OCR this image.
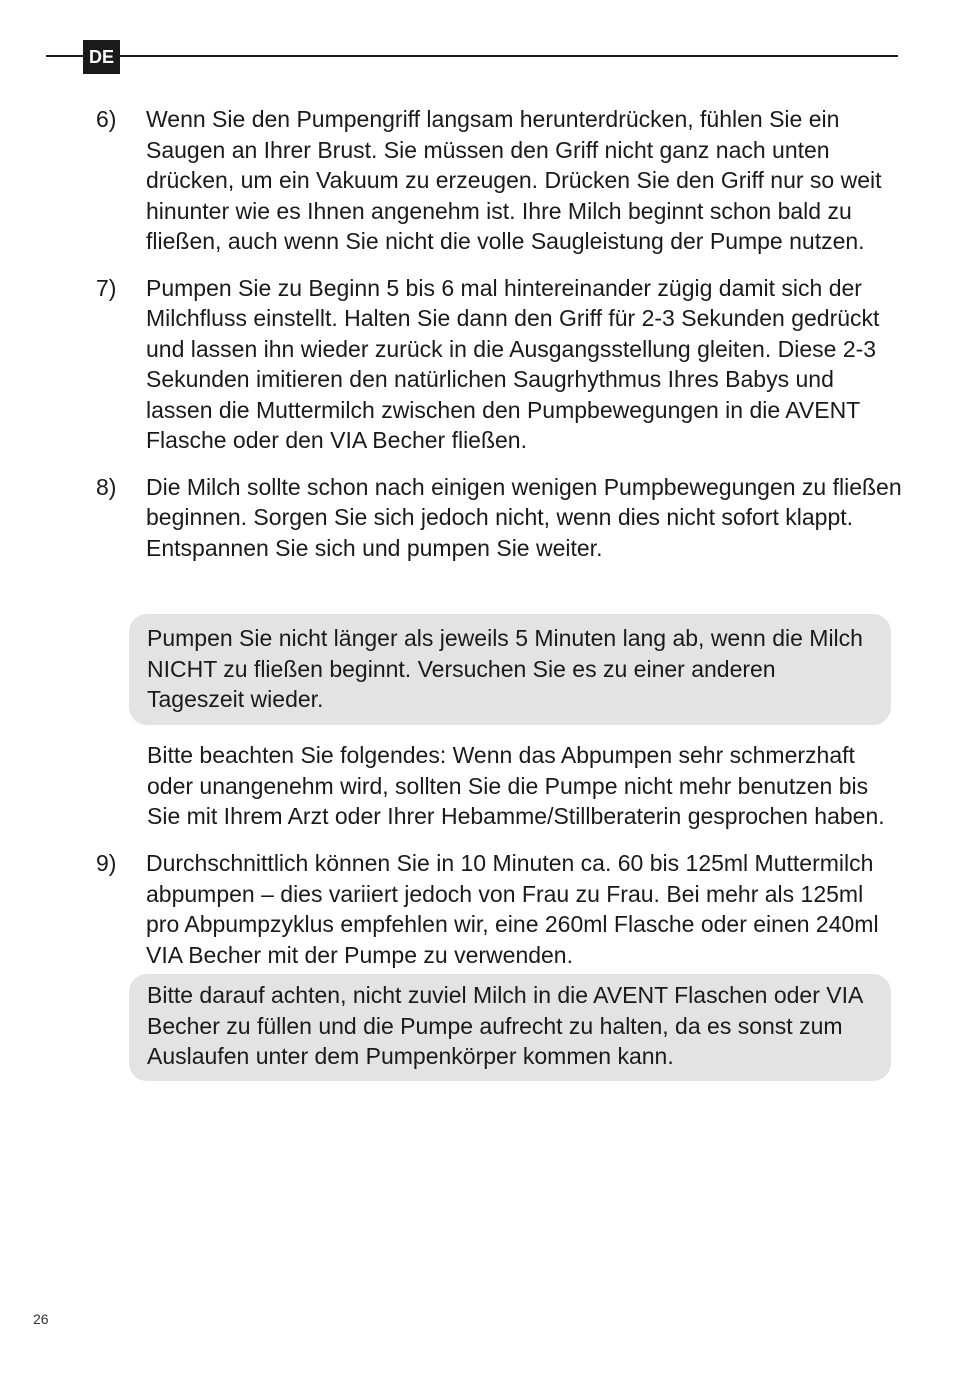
DE
6)	Wenn Sie den Pumpengriff langsam herunterdrücken, fühlen Sie ein Saugen an Ihrer Brust. Sie müssen den Griff nicht ganz nach unten drücken, um ein Vakuum zu erzeugen. Drücken Sie den Griff nur so weit hinunter wie es Ihnen angenehm ist. Ihre Milch beginnt schon bald zu fließen, auch wenn Sie nicht die volle Saugleistung der Pumpe nutzen.
7)	Pumpen Sie zu Beginn 5 bis 6 mal hintereinander zügig damit sich der Milchfluss einstellt. Halten Sie dann den Griff für 2-3 Sekunden gedrückt und lassen ihn wieder zurück in die Ausgangsstellung gleiten. Diese 2-3 Sekunden imitieren den natürlichen Saugrhythmus Ihres Babys und lassen die Muttermilch zwischen den Pumpbewegungen in die AVENT Flasche oder den VIA Becher fließen.
8)	Die Milch sollte schon nach einigen wenigen Pumpbewegungen zu fließen beginnen. Sorgen Sie sich jedoch nicht, wenn dies nicht sofort klappt. Entspannen Sie sich und pumpen Sie weiter.
Pumpen Sie nicht länger als jeweils 5 Minuten lang ab, wenn die Milch NICHT zu fließen beginnt. Versuchen Sie es zu einer anderen Tageszeit wieder.
Bitte beachten Sie folgendes: Wenn das Abpumpen sehr schmerzhaft oder unangenehm wird, sollten Sie die Pumpe nicht mehr benutzen bis Sie mit Ihrem Arzt oder Ihrer Hebamme/Stillberaterin gesprochen haben.
9)	Durchschnittlich können Sie in 10 Minuten ca. 60 bis 125ml Muttermilch abpumpen – dies variiert jedoch von Frau zu Frau. Bei mehr als 125ml pro Abpumpzyklus empfehlen wir, eine 260ml Flasche oder einen 240ml VIA Becher mit der Pumpe zu verwenden.
Bitte darauf achten, nicht zuviel Milch in die AVENT Flaschen oder VIA Becher zu füllen und die Pumpe aufrecht zu halten, da es sonst zum Auslaufen unter dem Pumpenkörper kommen kann.
26
